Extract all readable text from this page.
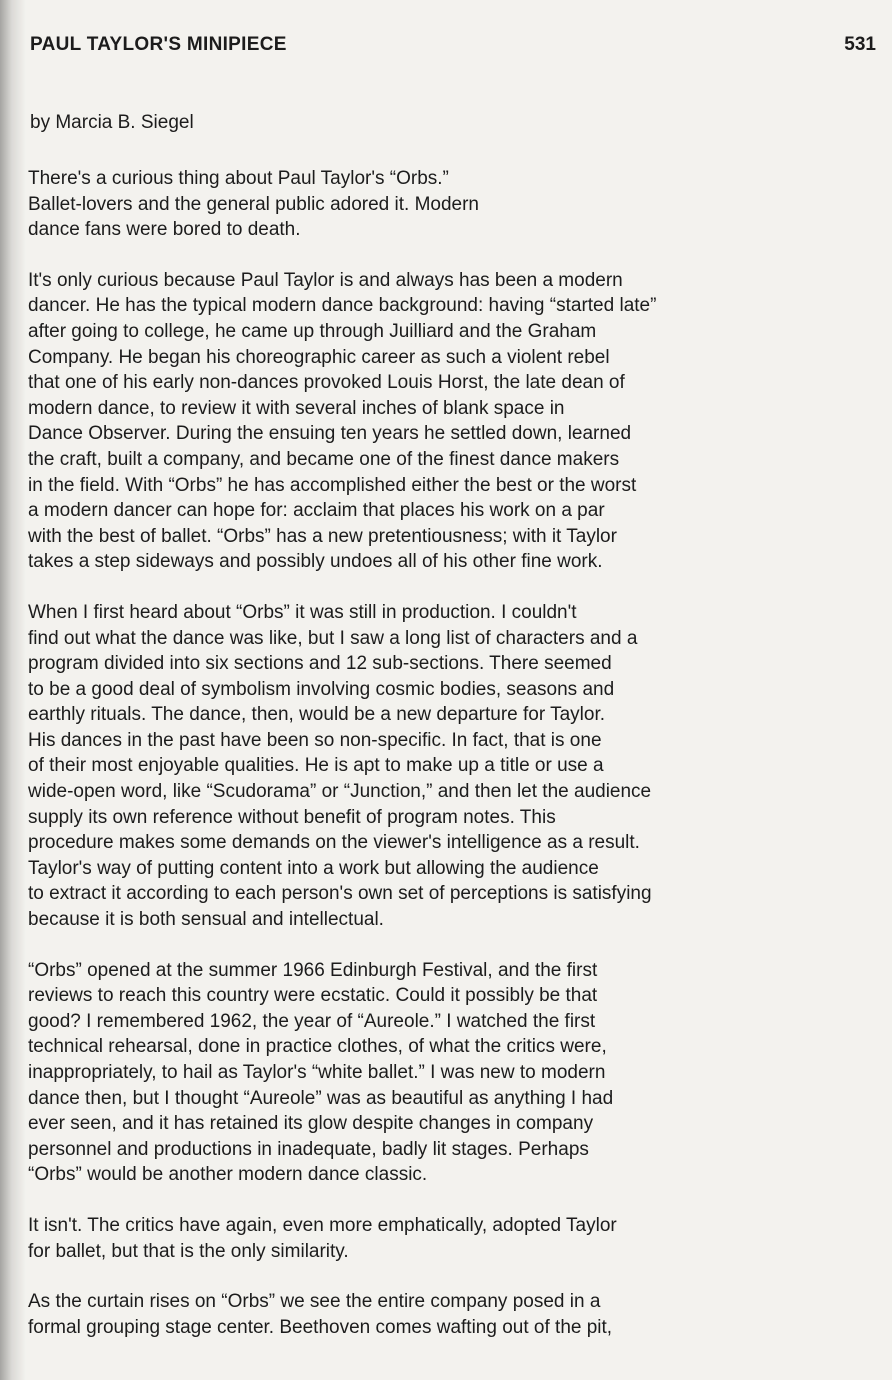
PAUL TAYLOR'S MINIPIECE	531
by Marcia B. Siegel

There's a curious thing about Paul Taylor's “Orbs.”
Ballet-lovers and the general public adored it. Modern
dance fans were bored to death.

It's only curious because Paul Taylor is and always has been a modern
dancer. He has the typical modern dance background: having “started late”
after going to college, he came up through Juilliard and the Graham
Company. He began his choreographic career as such a violent rebel
that one of his early non-dances provoked Louis Horst, the late dean of
modern dance, to review it with several inches of blank space in
Dance Observer. During the ensuing ten years he settled down, learned
the craft, built a company, and became one of the finest dance makers
in the field. With “Orbs” he has accomplished either the best or the worst
a modern dancer can hope for: acclaim that places his work on a par
with the best of ballet. “Orbs” has a new pretentiousness; with it Taylor
takes a step sideways and possibly undoes all of his other fine work.

When I first heard about “Orbs” it was still in production. I couldn't
find out what the dance was like, but I saw a long list of characters and a
program divided into six sections and 12 sub-sections. There seemed
to be a good deal of symbolism involving cosmic bodies, seasons and
earthly rituals. The dance, then, would be a new departure for Taylor.
His dances in the past have been so non-specific. In fact, that is one
of their most enjoyable qualities. He is apt to make up a title or use a
wide-open word, like “Scudorama” or “Junction,” and then let the audience
supply its own reference without benefit of program notes. This
procedure makes some demands on the viewer's intelligence as a result.
Taylor's way of putting content into a work but allowing the audience
to extract it according to each person's own set of perceptions is satisfying
because it is both sensual and intellectual.

“Orbs” opened at the summer 1966 Edinburgh Festival, and the first
reviews to reach this country were ecstatic. Could it possibly be that
good? I remembered 1962, the year of “Aureole.” I watched the first
technical rehearsal, done in practice clothes, of what the critics were,
inappropriately, to hail as Taylor's “white ballet.” I was new to modern
dance then, but I thought “Aureole” was as beautiful as anything I had
ever seen, and it has retained its glow despite changes in company
personnel and productions in inadequate, badly lit stages. Perhaps
“Orbs” would be another modern dance classic.

It isn't. The critics have again, even more emphatically, adopted Taylor
for ballet, but that is the only similarity.

As the curtain rises on “Orbs” we see the entire company posed in a
formal grouping stage center. Beethoven comes wafting out of the pit,
